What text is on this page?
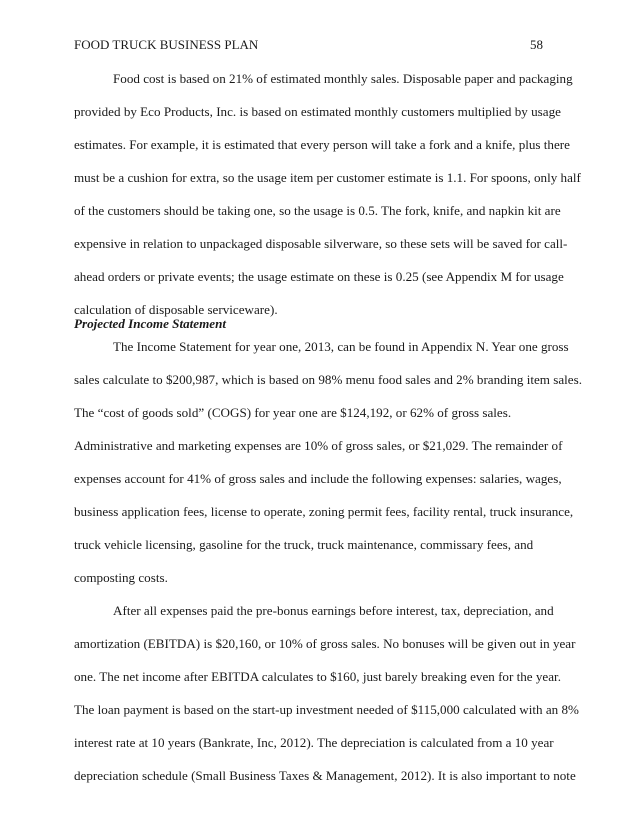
FOOD TRUCK BUSINESS PLAN	58
Food cost is based on 21% of estimated monthly sales. Disposable paper and packaging
provided by Eco Products, Inc. is based on estimated monthly customers multiplied by usage
estimates. For example, it is estimated that every person will take a fork and a knife, plus there
must be a cushion for extra, so the usage item per customer estimate is 1.1. For spoons, only half
of the customers should be taking one, so the usage is 0.5. The fork, knife, and napkin kit are
expensive in relation to unpackaged disposable silverware, so these sets will be saved for call-
ahead orders or private events; the usage estimate on these is 0.25 (see Appendix M for usage
calculation of disposable serviceware).
Projected Income Statement
The Income Statement for year one, 2013, can be found in Appendix N. Year one gross
sales calculate to $200,987, which is based on 98% menu food sales and 2% branding item sales.
The “cost of goods sold” (COGS) for year one are $124,192, or 62% of gross sales.
Administrative and marketing expenses are 10% of gross sales, or $21,029. The remainder of
expenses account for 41% of gross sales and include the following expenses: salaries, wages,
business application fees, license to operate, zoning permit fees, facility rental, truck insurance,
truck vehicle licensing, gasoline for the truck, truck maintenance, commissary fees, and
composting costs.
After all expenses paid the pre-bonus earnings before interest, tax, depreciation, and
amortization (EBITDA) is $20,160, or 10% of gross sales. No bonuses will be given out in year
one. The net income after EBITDA calculates to $160, just barely breaking even for the year.
The loan payment is based on the start-up investment needed of $115,000 calculated with an 8%
interest rate at 10 years (Bankrate, Inc, 2012). The depreciation is calculated from a 10 year
depreciation schedule (Small Business Taxes & Management, 2012). It is also important to note
